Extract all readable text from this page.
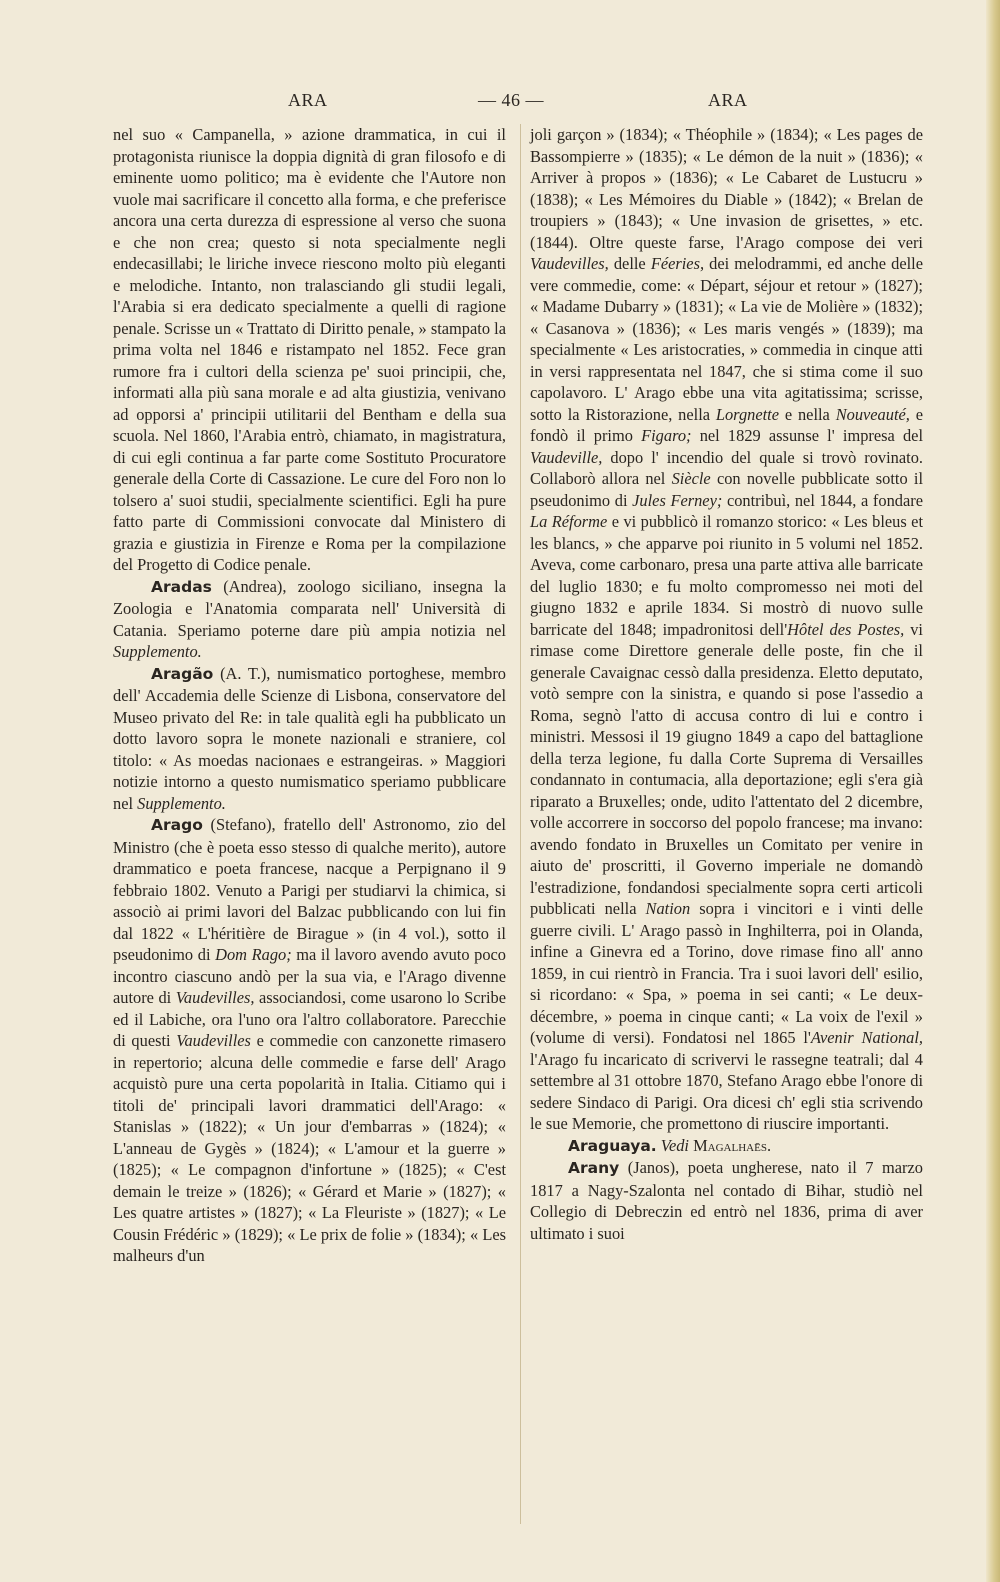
ARA	— 46 —	ARA

nel suo « Campanella, » azione drammatica, in cui il protagonista riunisce la doppia dignità di gran filosofo e di eminente uomo politico; ma è evidente che l'Autore non vuole mai sacrificare il concetto alla forma, e che preferisce ancora una certa durezza di espressione al verso che suona e che non crea; questo si nota specialmente negli endecasillabi; le liriche invece riescono molto più eleganti e melodiche. Intanto, non tralasciando gli studii legali, l'Arabia si era dedicato specialmente a quelli di ragione penale. Scrisse un « Trattato di Diritto penale, » stampato la prima volta nel 1846 e ristampato nel 1852. Fece gran rumore fra i cultori della scienza pe' suoi principii, che, informati alla più sana morale e ad alta giustizia, venivano ad opporsi a' principii utilitarii del Bentham e della sua scuola. Nel 1860, l'Arabia entrò, chiamato, in magistratura, di cui egli continua a far parte come Sostituto Procuratore generale della Corte di Cassazione. Le cure del Foro non lo tolsero a' suoi studii, specialmente scientifici. Egli ha pure fatto parte di Commissioni convocate dal Ministero di grazia e giustizia in Firenze e Roma per la compilazione del Progetto di Codice penale.

Aradas (Andrea), zoologo siciliano, insegna la Zoologia e l'Anatomia comparata nell' Università di Catania. Speriamo poterne dare più ampia notizia nel Supplemento.

Aragão (A. T.), numismatico portoghese, membro dell' Accademia delle Scienze di Lisbona, conservatore del Museo privato del Re: in tale qualità egli ha pubblicato un dotto lavoro sopra le monete nazionali e straniere, col titolo: « As moedas nacionaes e estrangeiras. » Maggiori notizie intorno a questo numismatico speriamo pubblicare nel Supplemento.

Arago (Stefano), fratello dell' Astronomo, zio del Ministro (che è poeta esso stesso di qualche merito), autore drammatico e poeta francese, nacque a Perpignano il 9 febbraio 1802. Venuto a Parigi per studiarvi la chimica, si associò ai primi lavori del Balzac pubblicando con lui fin dal 1822 « L'héritière de Birague » (in 4 vol.), sotto il pseudonimo di Dom Rago; ma il lavoro avendo avuto poco incontro ciascuno andò per la sua via, e l'Arago divenne autore di Vaudevilles, associandosi, come usarono lo Scribe ed il Labiche, ora l'uno ora l'altro collaboratore. Parecchie di questi Vaudevilles e commedie con canzonette rimasero in repertorio; alcuna delle commedie e farse dell' Arago acquistò pure una certa popolarità in Italia. Citiamo qui i titoli de' principali lavori drammatici dell'Arago: « Stanislas » (1822); « Un jour d'embarras » (1824); « L'anneau de Gygès » (1824); « L'amour et la guerre » (1825); « Le compagnon d'infortune » (1825); « C'est demain le treize » (1826); « Gérard et Marie » (1827); « Les quatre artistes » (1827); « La Fleuriste » (1827); « Le Cousin Frédéric » (1829); « Le prix de folie » (1834); « Les malheurs d'un

joli garçon » (1834); « Théophile » (1834); « Les pages de Bassompierre » (1835); « Le démon de la nuit » (1836); « Arriver à propos » (1836); « Le Cabaret de Lustucru » (1838); « Les Mémoires du Diable » (1842); « Brelan de troupiers » (1843); « Une invasion de grisettes, » etc. (1844). Oltre queste farse, l'Arago compose dei veri Vaudevilles, delle Féeries, dei melodrammi, ed anche delle vere commedie, come: « Départ, séjour et retour » (1827); « Madame Dubarry » (1831); « La vie de Molière » (1832); « Casanova » (1836); « Les maris vengés » (1839); ma specialmente « Les aristocraties, » commedia in cinque atti in versi rappresentata nel 1847, che si stima come il suo capolavoro. L' Arago ebbe una vita agitatissima; scrisse, sotto la Ristorazione, nella Lorgnette e nella Nouveauté, e fondò il primo Figaro; nel 1829 assunse l' impresa del Vaudeville, dopo l' incendio del quale si trovò rovinato. Collaborò allora nel Siècle con novelle pubblicate sotto il pseudonimo di Jules Ferney; contribuì, nel 1844, a fondare La Réforme e vi pubblicò il romanzo storico: « Les bleus et les blancs, » che apparve poi riunito in 5 volumi nel 1852. Aveva, come carbonaro, presa una parte attiva alle barricate del luglio 1830; e fu molto compromesso nei moti del giugno 1832 e aprile 1834. Si mostrò di nuovo sulle barricate del 1848; impadronitosi dell'Hôtel des Postes, vi rimase come Direttore generale delle poste, fin che il generale Cavaignac cessò dalla presidenza. Eletto deputato, votò sempre con la sinistra, e quando si pose l'assedio a Roma, segnò l'atto di accusa contro di lui e contro i ministri. Messosi il 19 giugno 1849 a capo del battaglione della terza legione, fu dalla Corte Suprema di Versailles condannato in contumacia, alla deportazione; egli s'era già riparato a Bruxelles; onde, udito l'attentato del 2 dicembre, volle accorrere in soccorso del popolo francese; ma invano: avendo fondato in Bruxelles un Comitato per venire in aiuto de' proscritti, il Governo imperiale ne domandò l'estradizione, fondandosi specialmente sopra certi articoli pubblicati nella Nation sopra i vincitori e i vinti delle guerre civili. L' Arago passò in Inghilterra, poi in Olanda, infine a Ginevra ed a Torino, dove rimase fino all' anno 1859, in cui rientrò in Francia. Tra i suoi lavori dell' esilio, si ricordano: « Spa, » poema in sei canti; « Le deux-décembre, » poema in cinque canti; « La voix de l'exil » (volume di versi). Fondatosi nel 1865 l'Avenir National, l'Arago fu incaricato di scrivervi le rassegne teatrali; dal 4 settembre al 31 ottobre 1870, Stefano Arago ebbe l'onore di sedere Sindaco di Parigi. Ora dicesi ch' egli stia scrivendo le sue Memorie, che promettono di riuscire importanti.

Araguaya. Vedi Magalhaēs.

Arany (Janos), poeta ungherese, nato il 7 marzo 1817 a Nagy-Szalonta nel contado di Bihar, studiò nel Collegio di Debreczin ed entrò nel 1836, prima di aver ultimato i suoi
